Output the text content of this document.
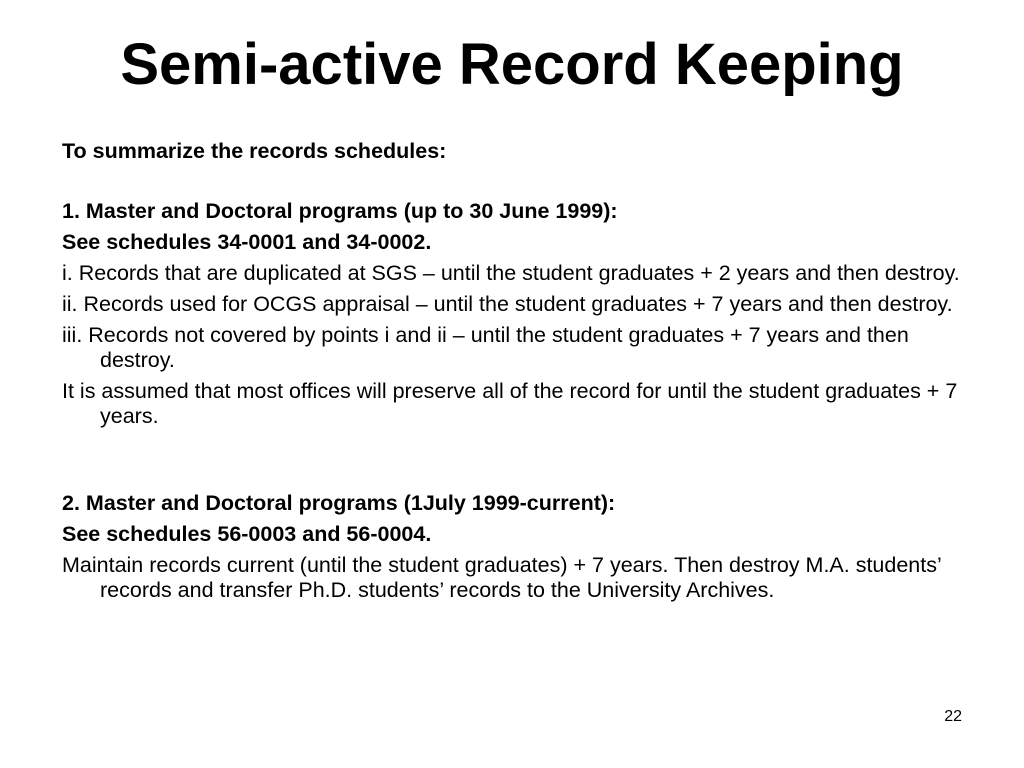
Semi-active Record Keeping

To summarize the records schedules:

1. Master and Doctoral programs (up to 30 June 1999):

See schedules 34-0001 and 34-0002.

i. Records that are duplicated at SGS – until the student graduates + 2 years and then destroy.

ii. Records used for OCGS appraisal – until the student graduates + 7 years and then destroy.

iii. Records not covered by points i and ii – until the student graduates + 7 years and then destroy.

It is assumed that most offices will preserve all of the record for until the student graduates + 7 years.

2. Master and Doctoral programs (1July 1999-current):

See schedules 56-0003 and 56-0004.

Maintain records current (until the student graduates) + 7 years. Then destroy M.A. students’ records and transfer Ph.D. students’ records to the University Archives.

22
